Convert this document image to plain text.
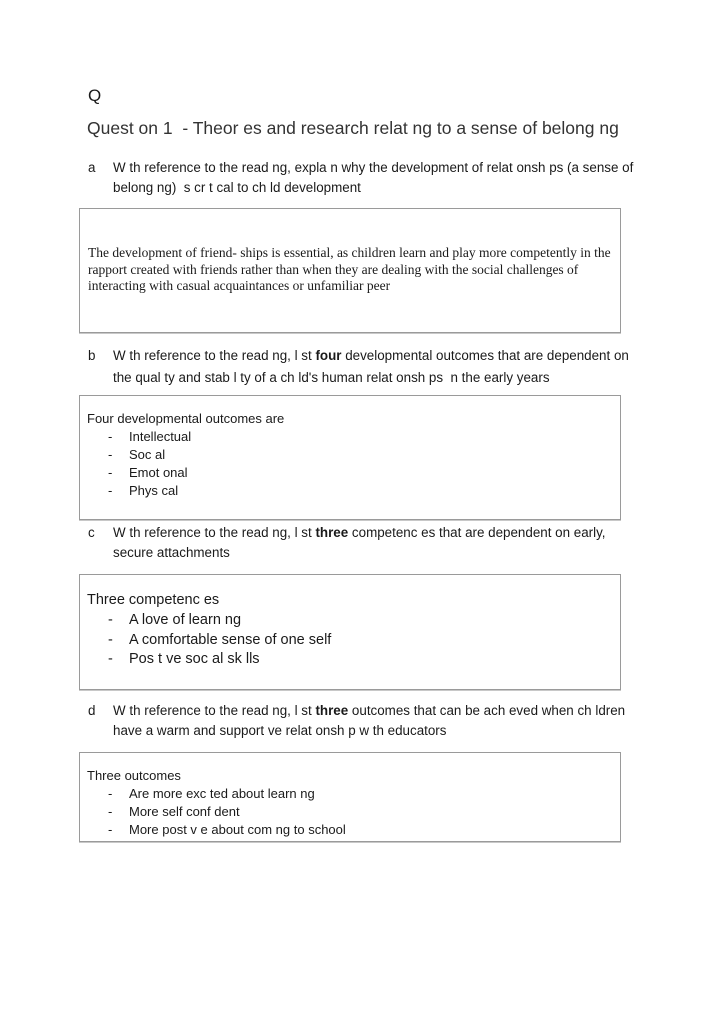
Q
Quest on 1  - Theor es and research relat ng to a sense of belong ng
a W th reference to the read ng, expla n why the development of relat onsh ps (a sense of belong ng)  s cr t cal to ch ld development
The development of friend- ships is essential, as children learn and play more competently in the rapport created with friends rather than when they are dealing with the social challenges of interacting with casual acquaintances or unfamiliar peer
b W th reference to the read ng, l st four developmental outcomes that are dependent on the qual ty and stab l ty of a ch ld's human relat onsh ps  n the early years
Four developmental outcomes are
- Intellectual
- Soc al
- Emot onal
- Phys cal
c W th reference to the read ng, l st three competenc es that are dependent on early, secure attachments
Three competenc es
- A love of learn ng
- A comfortable sense of one self
- Pos t ve soc al sk lls
d W th reference to the read ng, l st three outcomes that can be ach eved when ch ldren have a warm and support ve relat onsh p w th educators
Three outcomes
- Are more exc ted about learn ng
- More self conf dent
- More post v e about com ng to school
